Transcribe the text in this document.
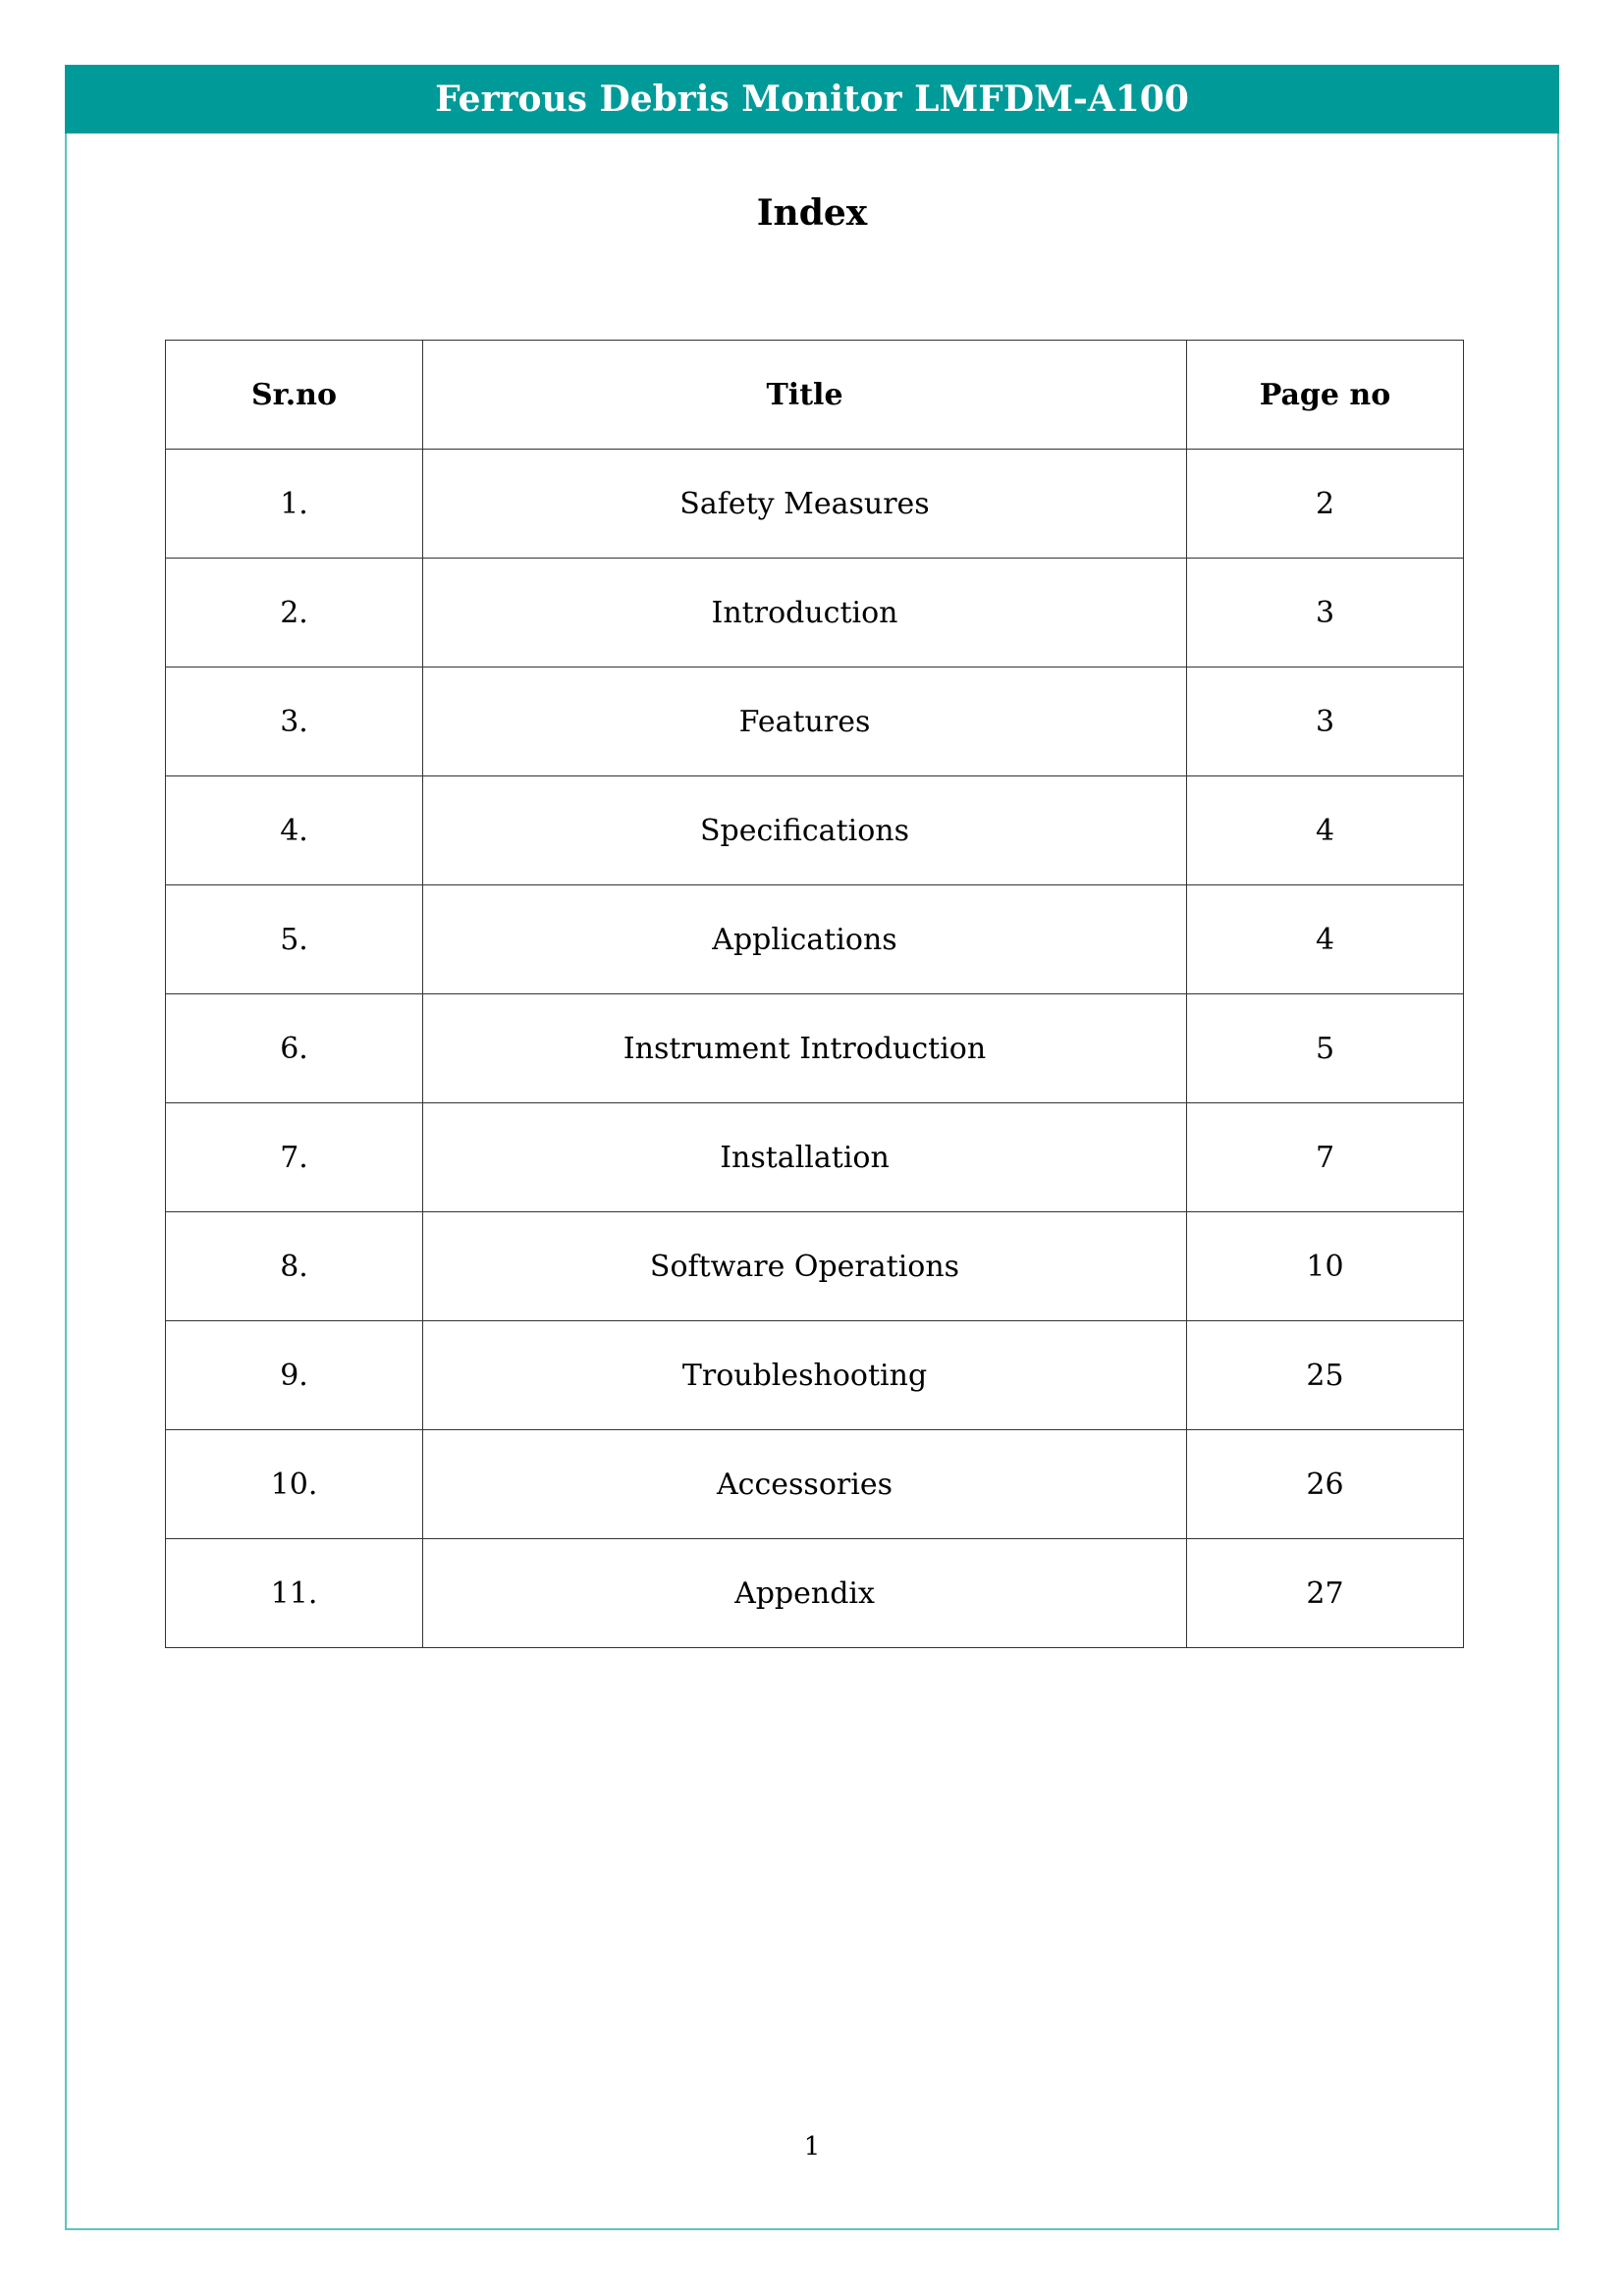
Ferrous Debris Monitor LMFDM-A100
Index
Sr.no	Title	Page no
1.	Safety Measures	2
2.	Introduction	3
3.	Features	3
4.	Specifications	4
5.	Applications	4
6.	Instrument Introduction	5
7.	Installation	7
8.	Software Operations	10
9.	Troubleshooting	25
10.	Accessories	26
11.	Appendix	27
1
